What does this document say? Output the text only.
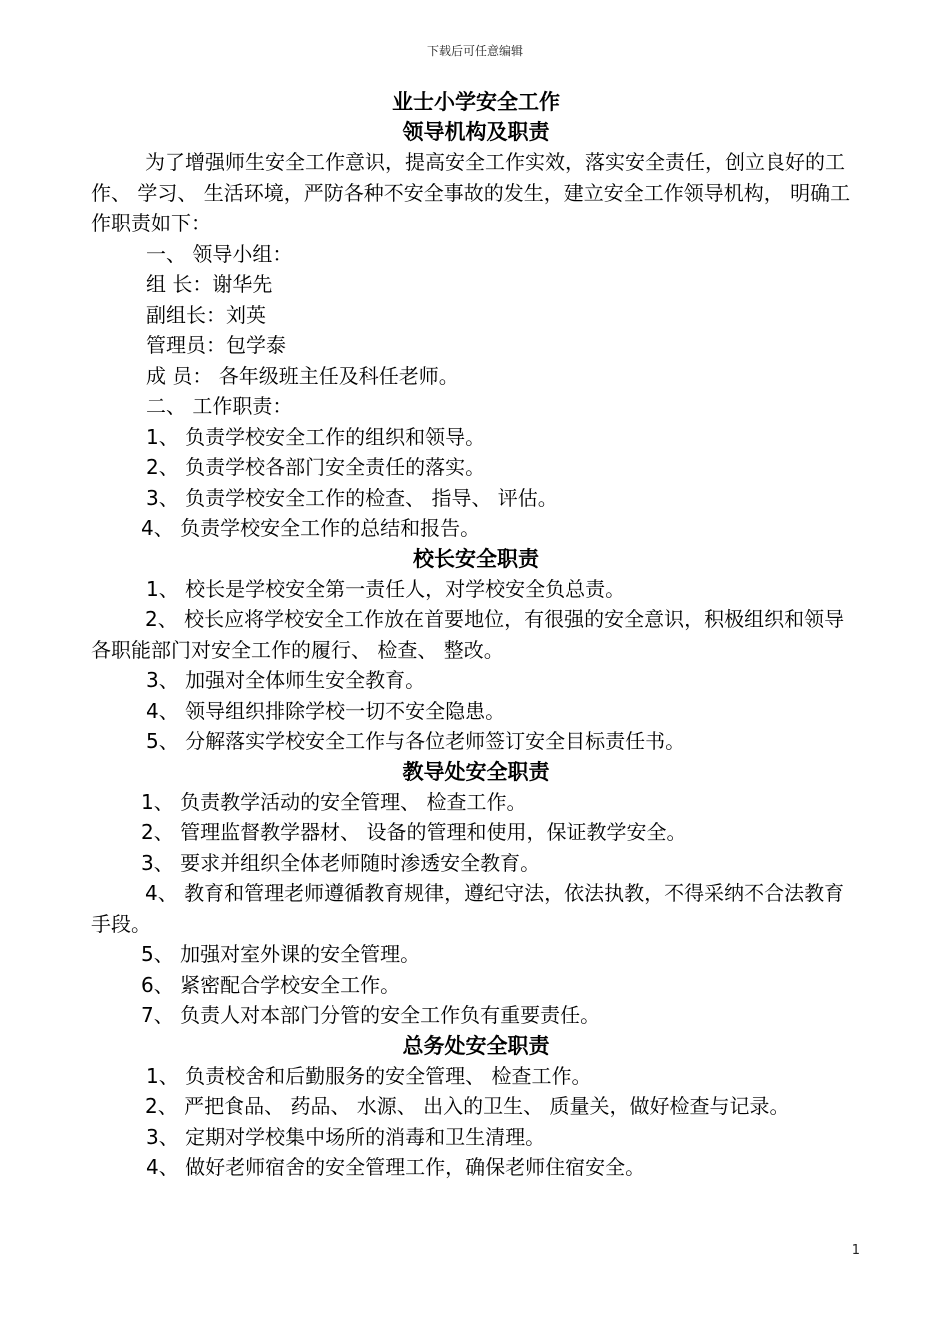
下载后可任意编辑

业士小学安全工作

领导机构及职责

为了增强师生安全工作意识，提高安全工作实效，落实安全责任，创立良好的工作、 学习、 生活环境，严防各种不安全事故的发生，建立安全工作领导机构， 明确工作职责如下：

一、 领导小组：

组 长：谢华先

副组长：刘英

管理员：包学泰

成 员： 各年级班主任及科任老师。

二、 工作职责：

1、 负责学校安全工作的组织和领导。

2、 负责学校各部门安全责任的落实。

3、 负责学校安全工作的检查、 指导、 评估。

4、 负责学校安全工作的总结和报告。

校长安全职责

1、 校长是学校安全第一责任人，对学校安全负总责。

2、 校长应将学校安全工作放在首要地位，有很强的安全意识，积极组织和领导各职能部门对安全工作的履行、 检查、 整改。

3、 加强对全体师生安全教育。

4、 领导组织排除学校一切不安全隐患。

5、 分解落实学校安全工作与各位老师签订安全目标责任书。

教导处安全职责

1、 负责教学活动的安全管理、 检查工作。

2、 管理监督教学器材、 设备的管理和使用，保证教学安全。

3、 要求并组织全体老师随时渗透安全教育。

4、 教育和管理老师遵循教育规律，遵纪守法，依法执教，不得采纳不合法教育手段。

5、 加强对室外课的安全管理。

6、 紧密配合学校安全工作。

7、 负责人对本部门分管的安全工作负有重要责任。

总务处安全职责

1、 负责校舍和后勤服务的安全管理、 检查工作。

2、 严把食品、 药品、 水源、 出入的卫生、 质量关，做好检查与记录。

3、 定期对学校集中场所的消毒和卫生清理。

4、 做好老师宿舍的安全管理工作，确保老师住宿安全。

1
